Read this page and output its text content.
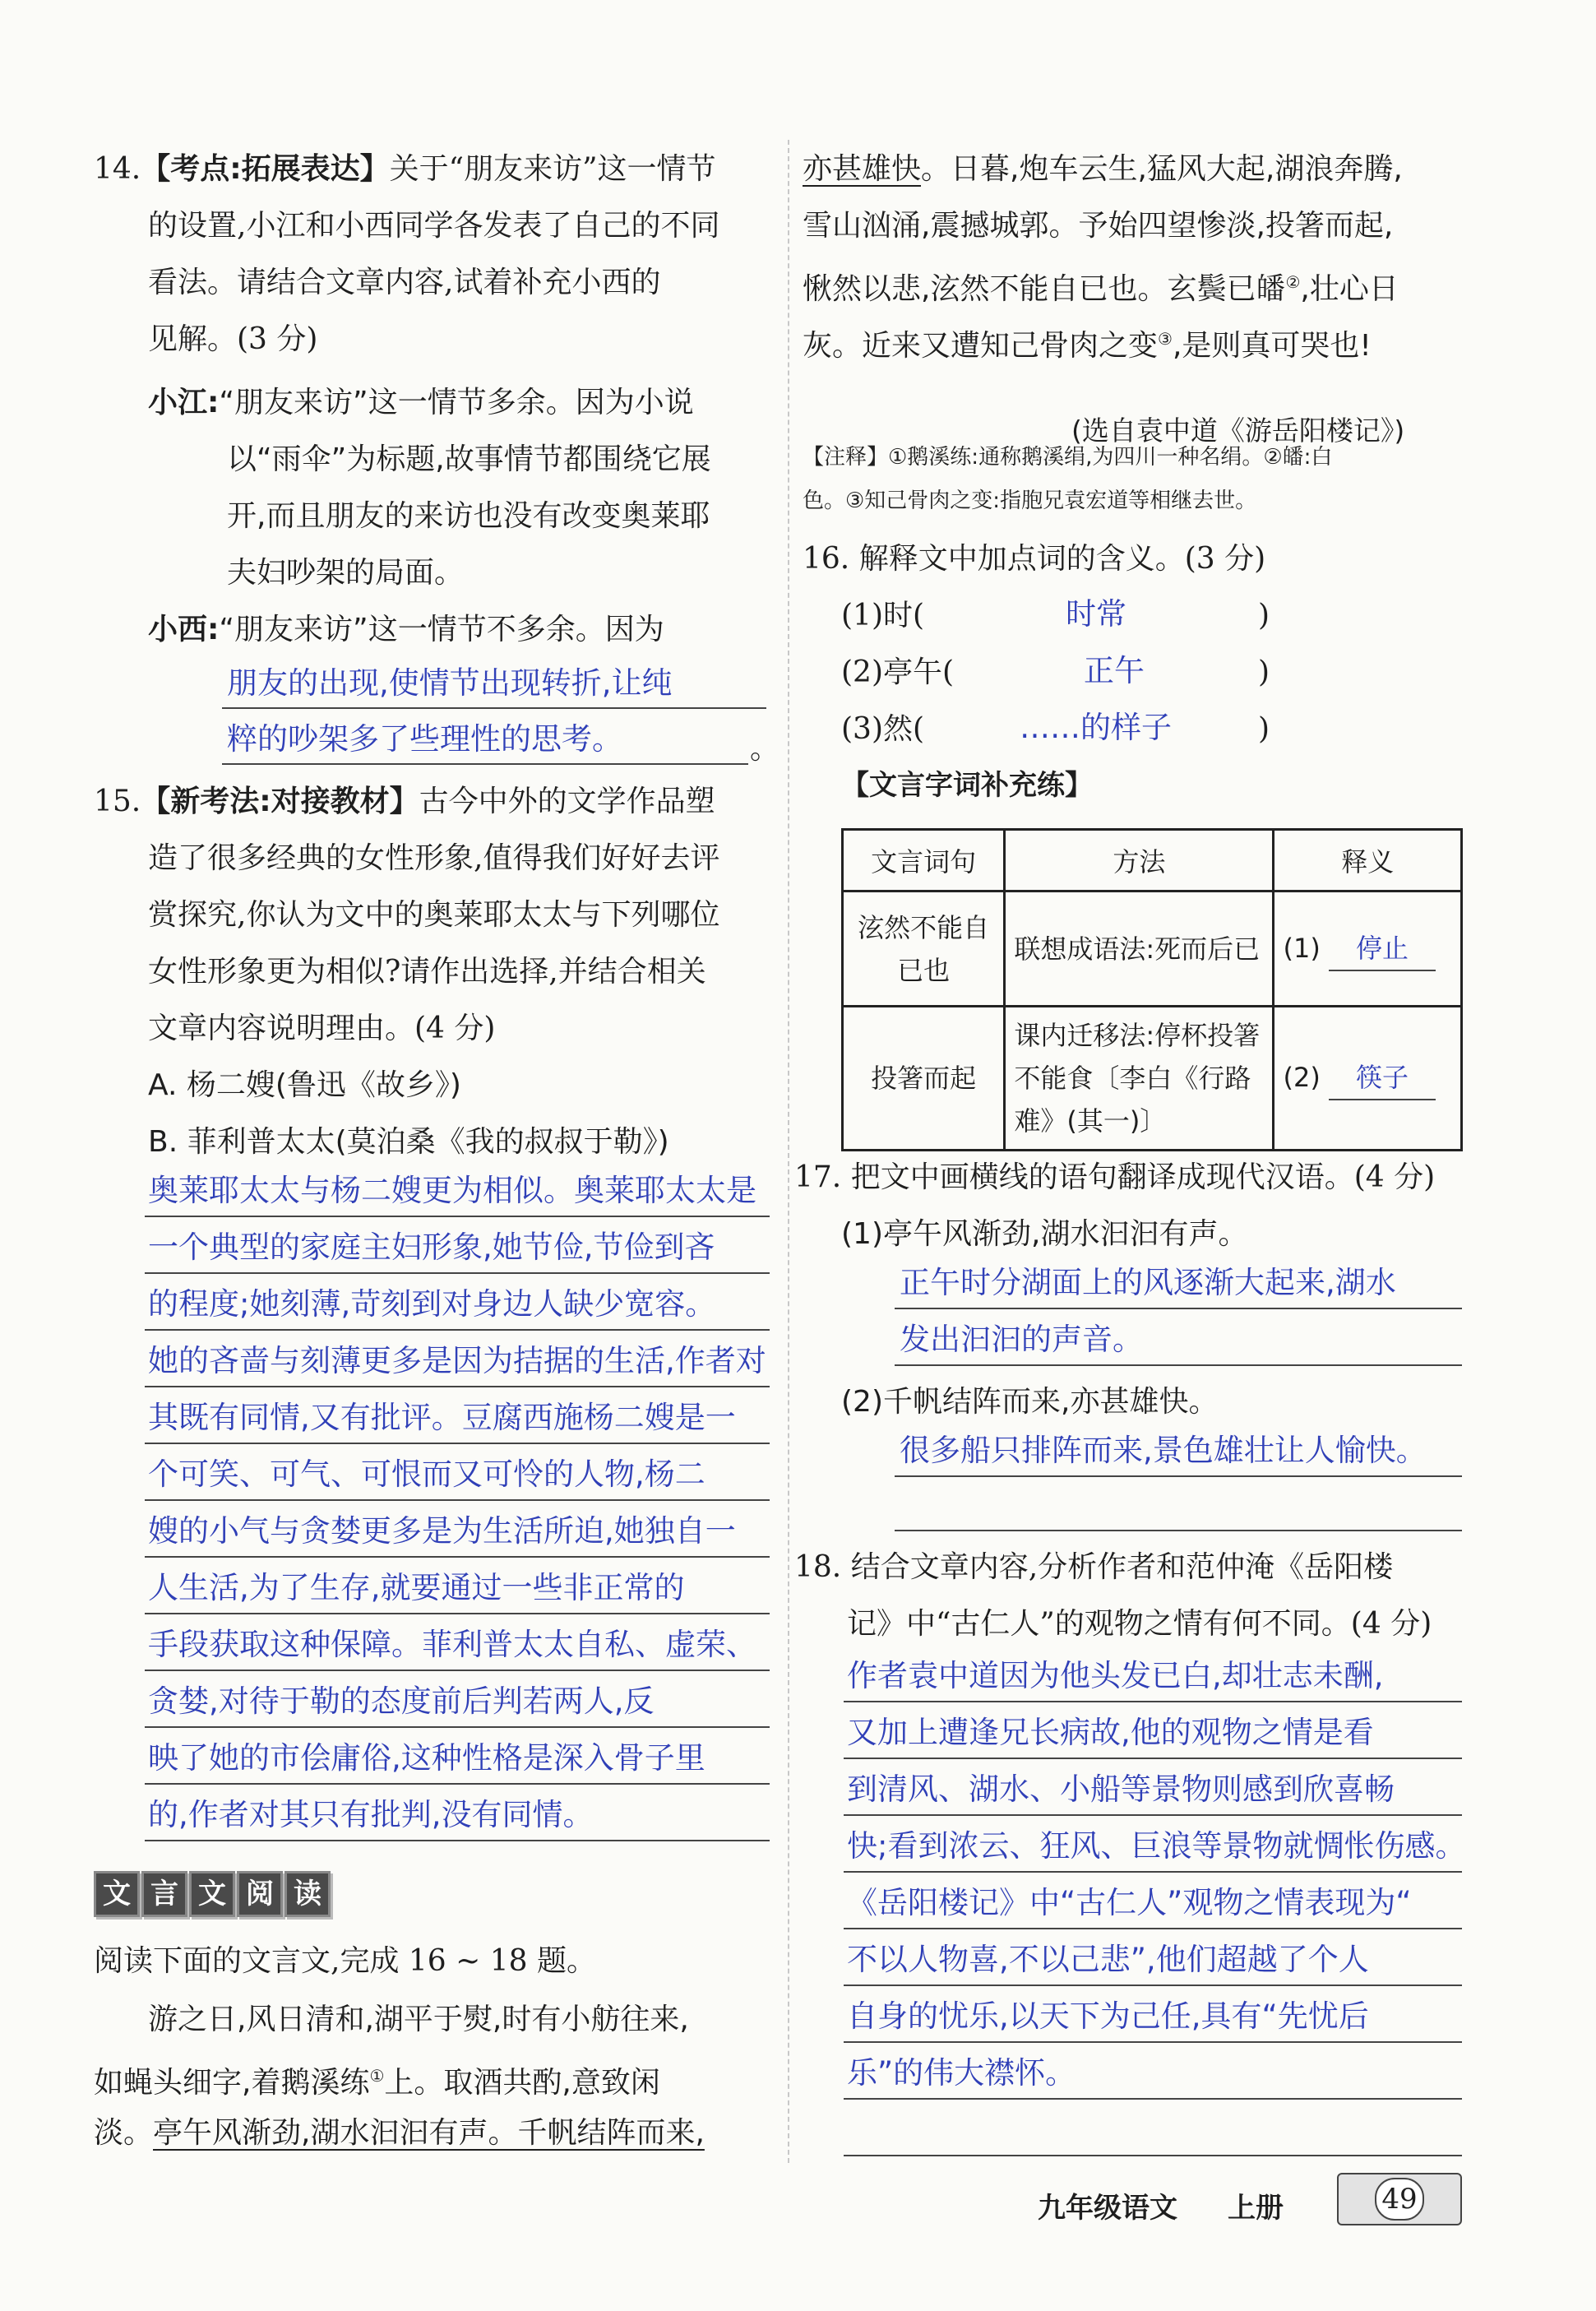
14.【考点:拓展表达】关于“朋友来访”这一情节

的设置,小江和小西同学各发表了自己的不同

看法。请结合文章内容,试着补充小西的

见解。(3 分)

小江:“朋友来访”这一情节多余。因为小说

以“雨伞”为标题,故事情节都围绕它展

开,而且朋友的来访也没有改变奥莱耶

夫妇吵架的局面。

小西:“朋友来访”这一情节不多余。因为

朋友的出现,使情节出现转折,让纯

粹的吵架多了些理性的思考。	。

15.【新考法:对接教材】古今中外的文学作品塑

造了很多经典的女性形象,值得我们好好去评

赏探究,你认为文中的奥莱耶太太与下列哪位

女性形象更为相似?请作出选择,并结合相关

文章内容说明理由。(4 分)

A. 杨二嫂(鲁迅《故乡》)

B. 菲利普太太(莫泊桑《我的叔叔于勒》)

奥莱耶太太与杨二嫂更为相似。奥莱耶太太是

一个典型的家庭主妇形象,她节俭,节俭到吝

的程度;她刻薄,苛刻到对身边人缺少宽容。

她的吝啬与刻薄更多是因为拮据的生活,作者对

其既有同情,又有批评。豆腐西施杨二嫂是一

个可笑、可气、可恨而又可怜的人物,杨二

嫂的小气与贪婪更多是为生活所迫,她独自一

人生活,为了生存,就要通过一些非正常的

手段获取这种保障。菲利普太太自私、虚荣、

贪婪,对待于勒的态度前后判若两人,反

映了她的市侩庸俗,这种性格是深入骨子里

的,作者对其只有批判,没有同情。

文 言 文 阅 读

阅读下面的文言文,完成 16 ~ 18 题。

游之日,风日清和,湖平于熨,时有小舫往来,

如蝇头细字,着鹅溪练①上。取酒共酌,意致闲

淡。亭午风渐劲,湖水汩汩有声。千帆结阵而来,

亦甚雄快。日暮,炮车云生,猛风大起,湖浪奔腾,

雪山汹涌,震撼城郭。予始四望惨淡,投箸而起,

愀然以悲,泫然不能自已也。玄鬓已皤②,壮心日

灰。近来又遭知己骨肉之变③,是则真可哭也!

(选自袁中道《游岳阳楼记》)

【注释】①鹅溪练:通称鹅溪绢,为四川一种名绢。②皤:白

色。③知己骨肉之变:指胞兄袁宏道等相继去世。

16. 解释文中加点词的含义。(3 分)

(1)时(	时常	)

(2)亭午(	正午	)

(3)然(	……的样子	)

【文言字词补充练】

文言词句	方法	释义
泫然不能自已也	联想成语法:死而后已	(1) 停止
投箸而起	课内迁移法:停杯投箸不能食〔李白《行路难》(其一)〕	(2) 筷子

17. 把文中画横线的语句翻译成现代汉语。(4 分)

(1)亭午风渐劲,湖水汩汩有声。

正午时分湖面上的风逐渐大起来,湖水

发出汩汩的声音。

(2)千帆结阵而来,亦甚雄快。

很多船只排阵而来,景色雄壮让人愉快。

18. 结合文章内容,分析作者和范仲淹《岳阳楼

记》中“古仁人”的观物之情有何不同。(4 分)

作者袁中道因为他头发已白,却壮志未酬,

又加上遭逢兄长病故,他的观物之情是看

到清风、湖水、小船等景物则感到欣喜畅

快;看到浓云、狂风、巨浪等景物就惆怅伤感。

《岳阳楼记》中“古仁人”观物之情表现为“

不以人物喜,不以己悲”,他们超越了个人

自身的忧乐,以天下为己任,具有“先忧后

乐”的伟大襟怀。

九年级语文 上册	49
